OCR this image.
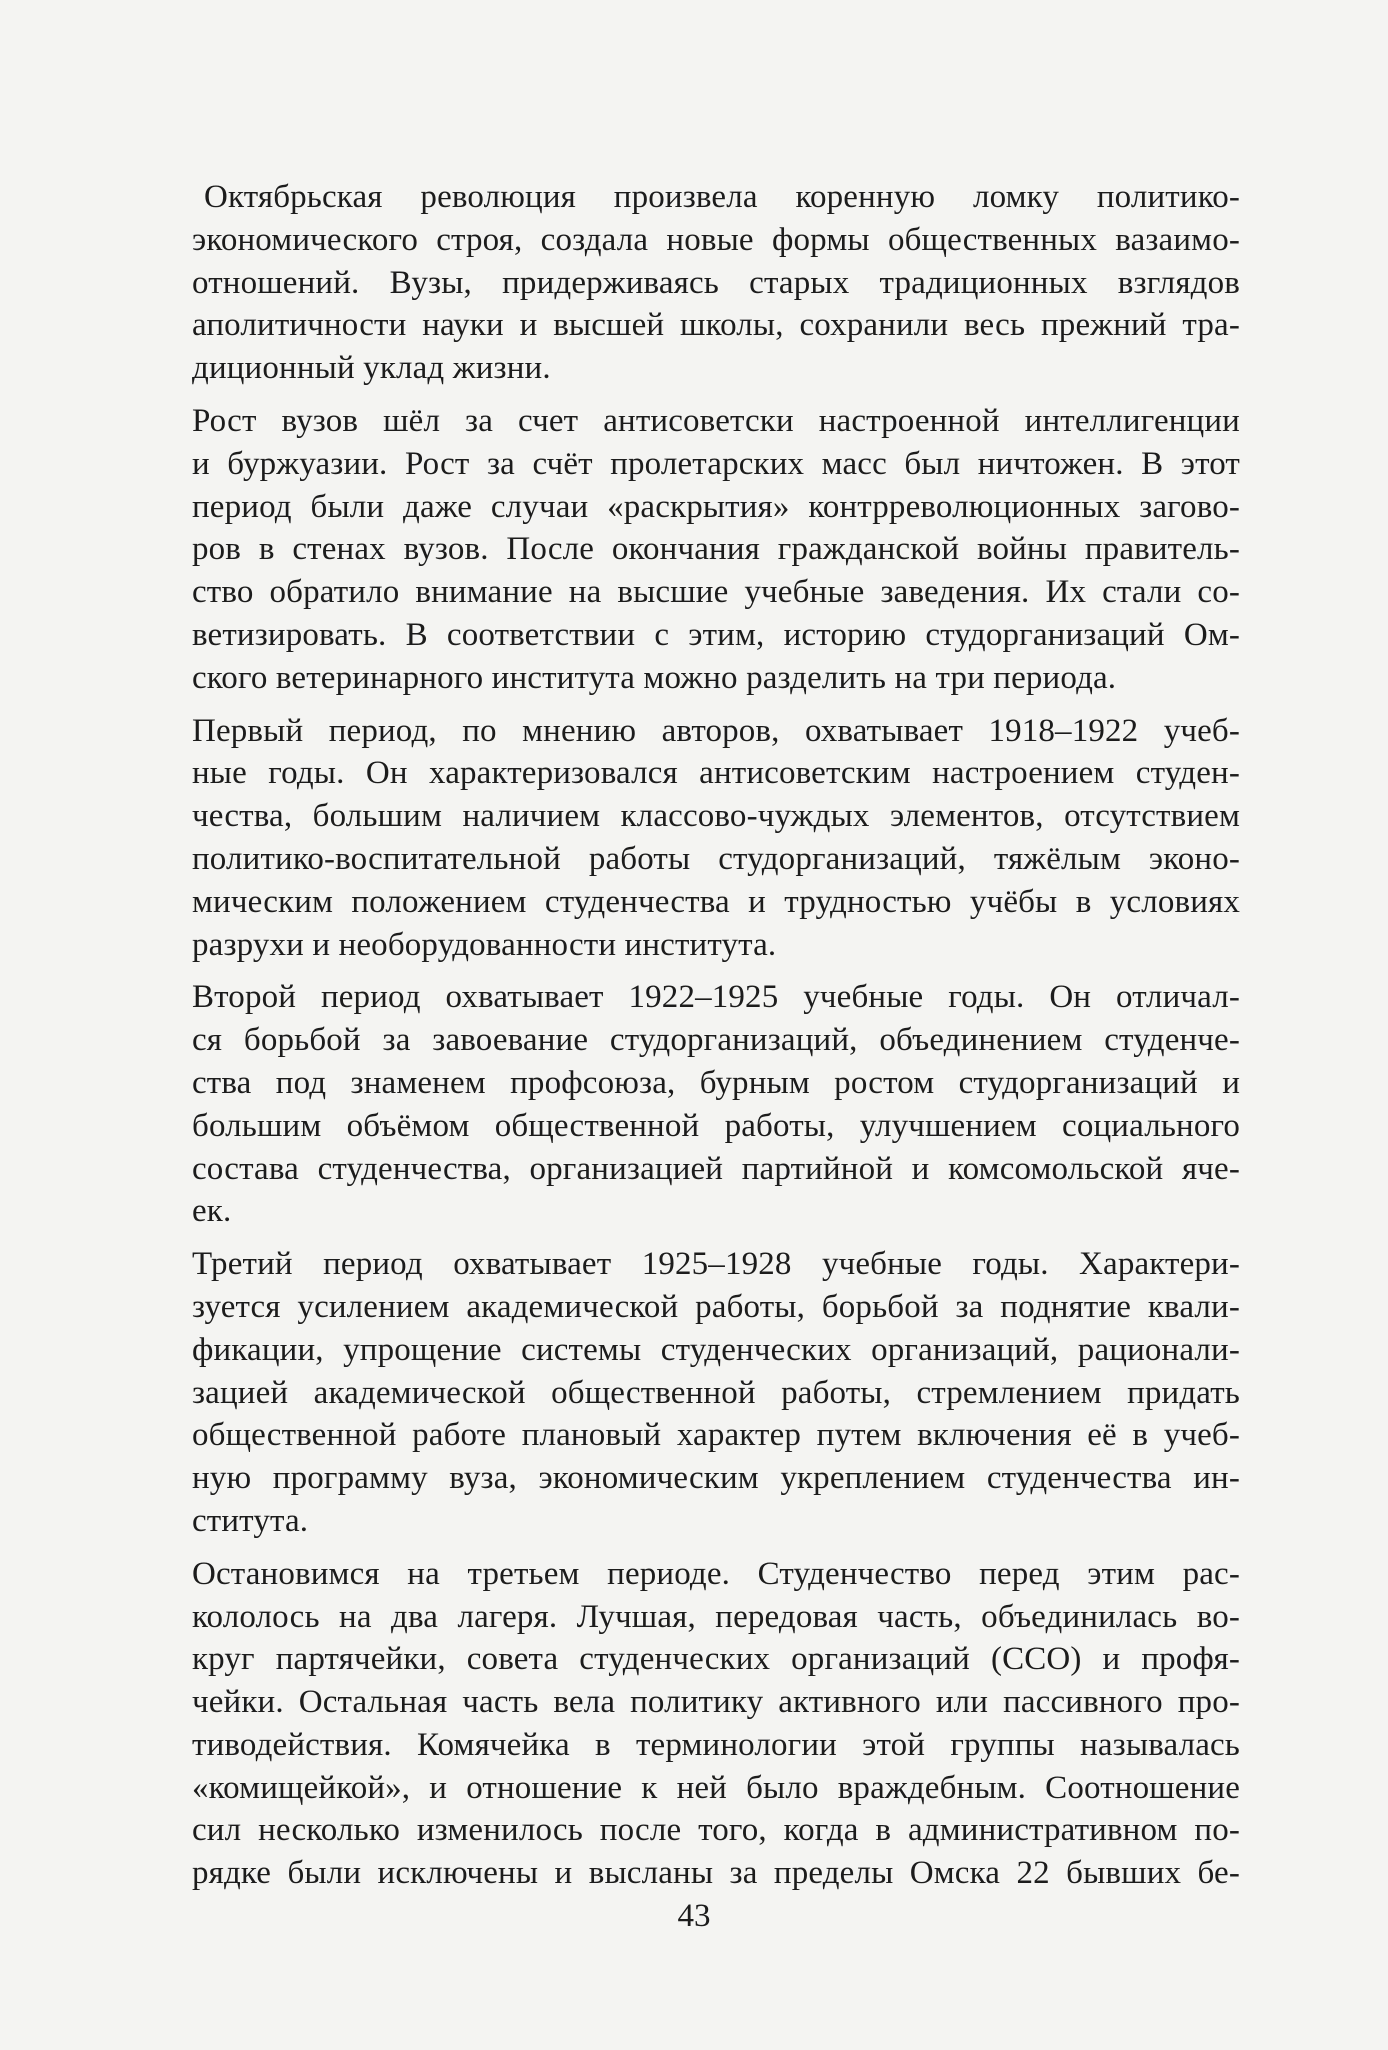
Октябрьская революция произвела коренную ломку политико-
экономического строя, создала новые формы общественных вазаимо-
отношений. Вузы, придерживаясь старых традиционных взглядов
аполитичности науки и высшей школы, сохранили весь прежний тра-
диционный уклад жизни.
Рост вузов шёл за счет антисоветски настроенной интеллигенции
и буржуазии. Рост за счёт пролетарских масс был ничтожен. В этот
период были даже случаи «раскрытия» контрреволюционных загово-
ров в стенах вузов. После окончания гражданской войны правитель-
ство обратило внимание на высшие учебные заведения. Их стали со-
ветизировать. В соответствии с этим, историю студорганизаций Ом-
ского ветеринарного института можно разделить на три периода.
Первый период, по мнению авторов, охватывает 1918–1922 учеб-
ные годы. Он характеризовался антисоветским настроением студен-
чества, большим наличием классово-чуждых элементов, отсутствием
политико-воспитательной работы студорганизаций, тяжёлым эконо-
мическим положением студенчества и трудностью учёбы в условиях
разрухи и необорудованности института.
Второй период охватывает 1922–1925 учебные годы. Он отличал-
ся борьбой за завоевание студорганизаций, объединением студенче-
ства под знаменем профсоюза, бурным ростом студорганизаций и
большим объёмом общественной работы, улучшением социального
состава студенчества, организацией партийной и комсомольской яче-
ек.
Третий период охватывает 1925–1928 учебные годы. Характери-
зуется усилением академической работы, борьбой за поднятие квали-
фикации, упрощение системы студенческих организаций, рационали-
зацией академической общественной работы, стремлением придать
общественной работе плановый характер путем включения её в учеб-
ную программу вуза, экономическим укреплением студенчества ин-
ститута.
Остановимся на третьем периоде. Студенчество перед этим рас-
кололось на два лагеря. Лучшая, передовая часть, объединилась во-
круг партячейки, совета студенческих организаций (ССО) и профя-
чейки. Остальная часть вела политику активного или пассивного про-
тиводействия. Комячейка в терминологии этой группы называлась
«комищейкой», и отношение к ней было враждебным. Соотношение
сил несколько изменилось после того, когда в административном по-
рядке были исключены и высланы за пределы Омска 22 бывших бе-
43
